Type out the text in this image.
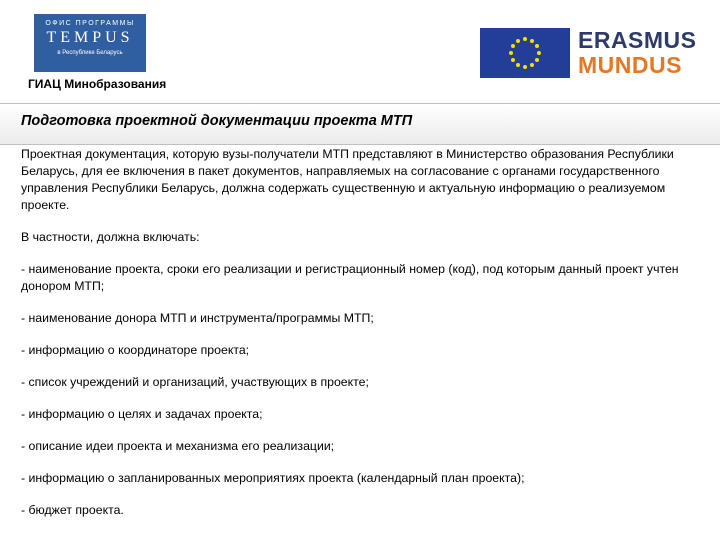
ОФИС ПРОГРАММЫ
TEMPUS
в Республике Беларусь
ГИАЦ Минобразования
ERASMUS
MUNDUS
Подготовка проектной документации проекта МТП

Проектная документация, которую вузы-получатели МТП представляют в Министерство образования Республики Беларусь, для ее включения в пакет документов, направляемых на согласование с органами государственного управления Республики Беларусь, должна содержать существенную и актуальную информацию о реализуемом проекте.

В частности, должна включать:

- наименование проекта, сроки его реализации и регистрационный номер (код), под которым данный проект учтен донором МТП;

- наименование донора МТП и инструмента/программы МТП;

- информацию о координаторе проекта;

- список учреждений и организаций, участвующих в проекте;

- информацию о целях и задачах проекта;

- описание идеи проекта и механизма его реализации;

- информацию о запланированных мероприятиях проекта (календарный план проекта);

- бюджет проекта.
